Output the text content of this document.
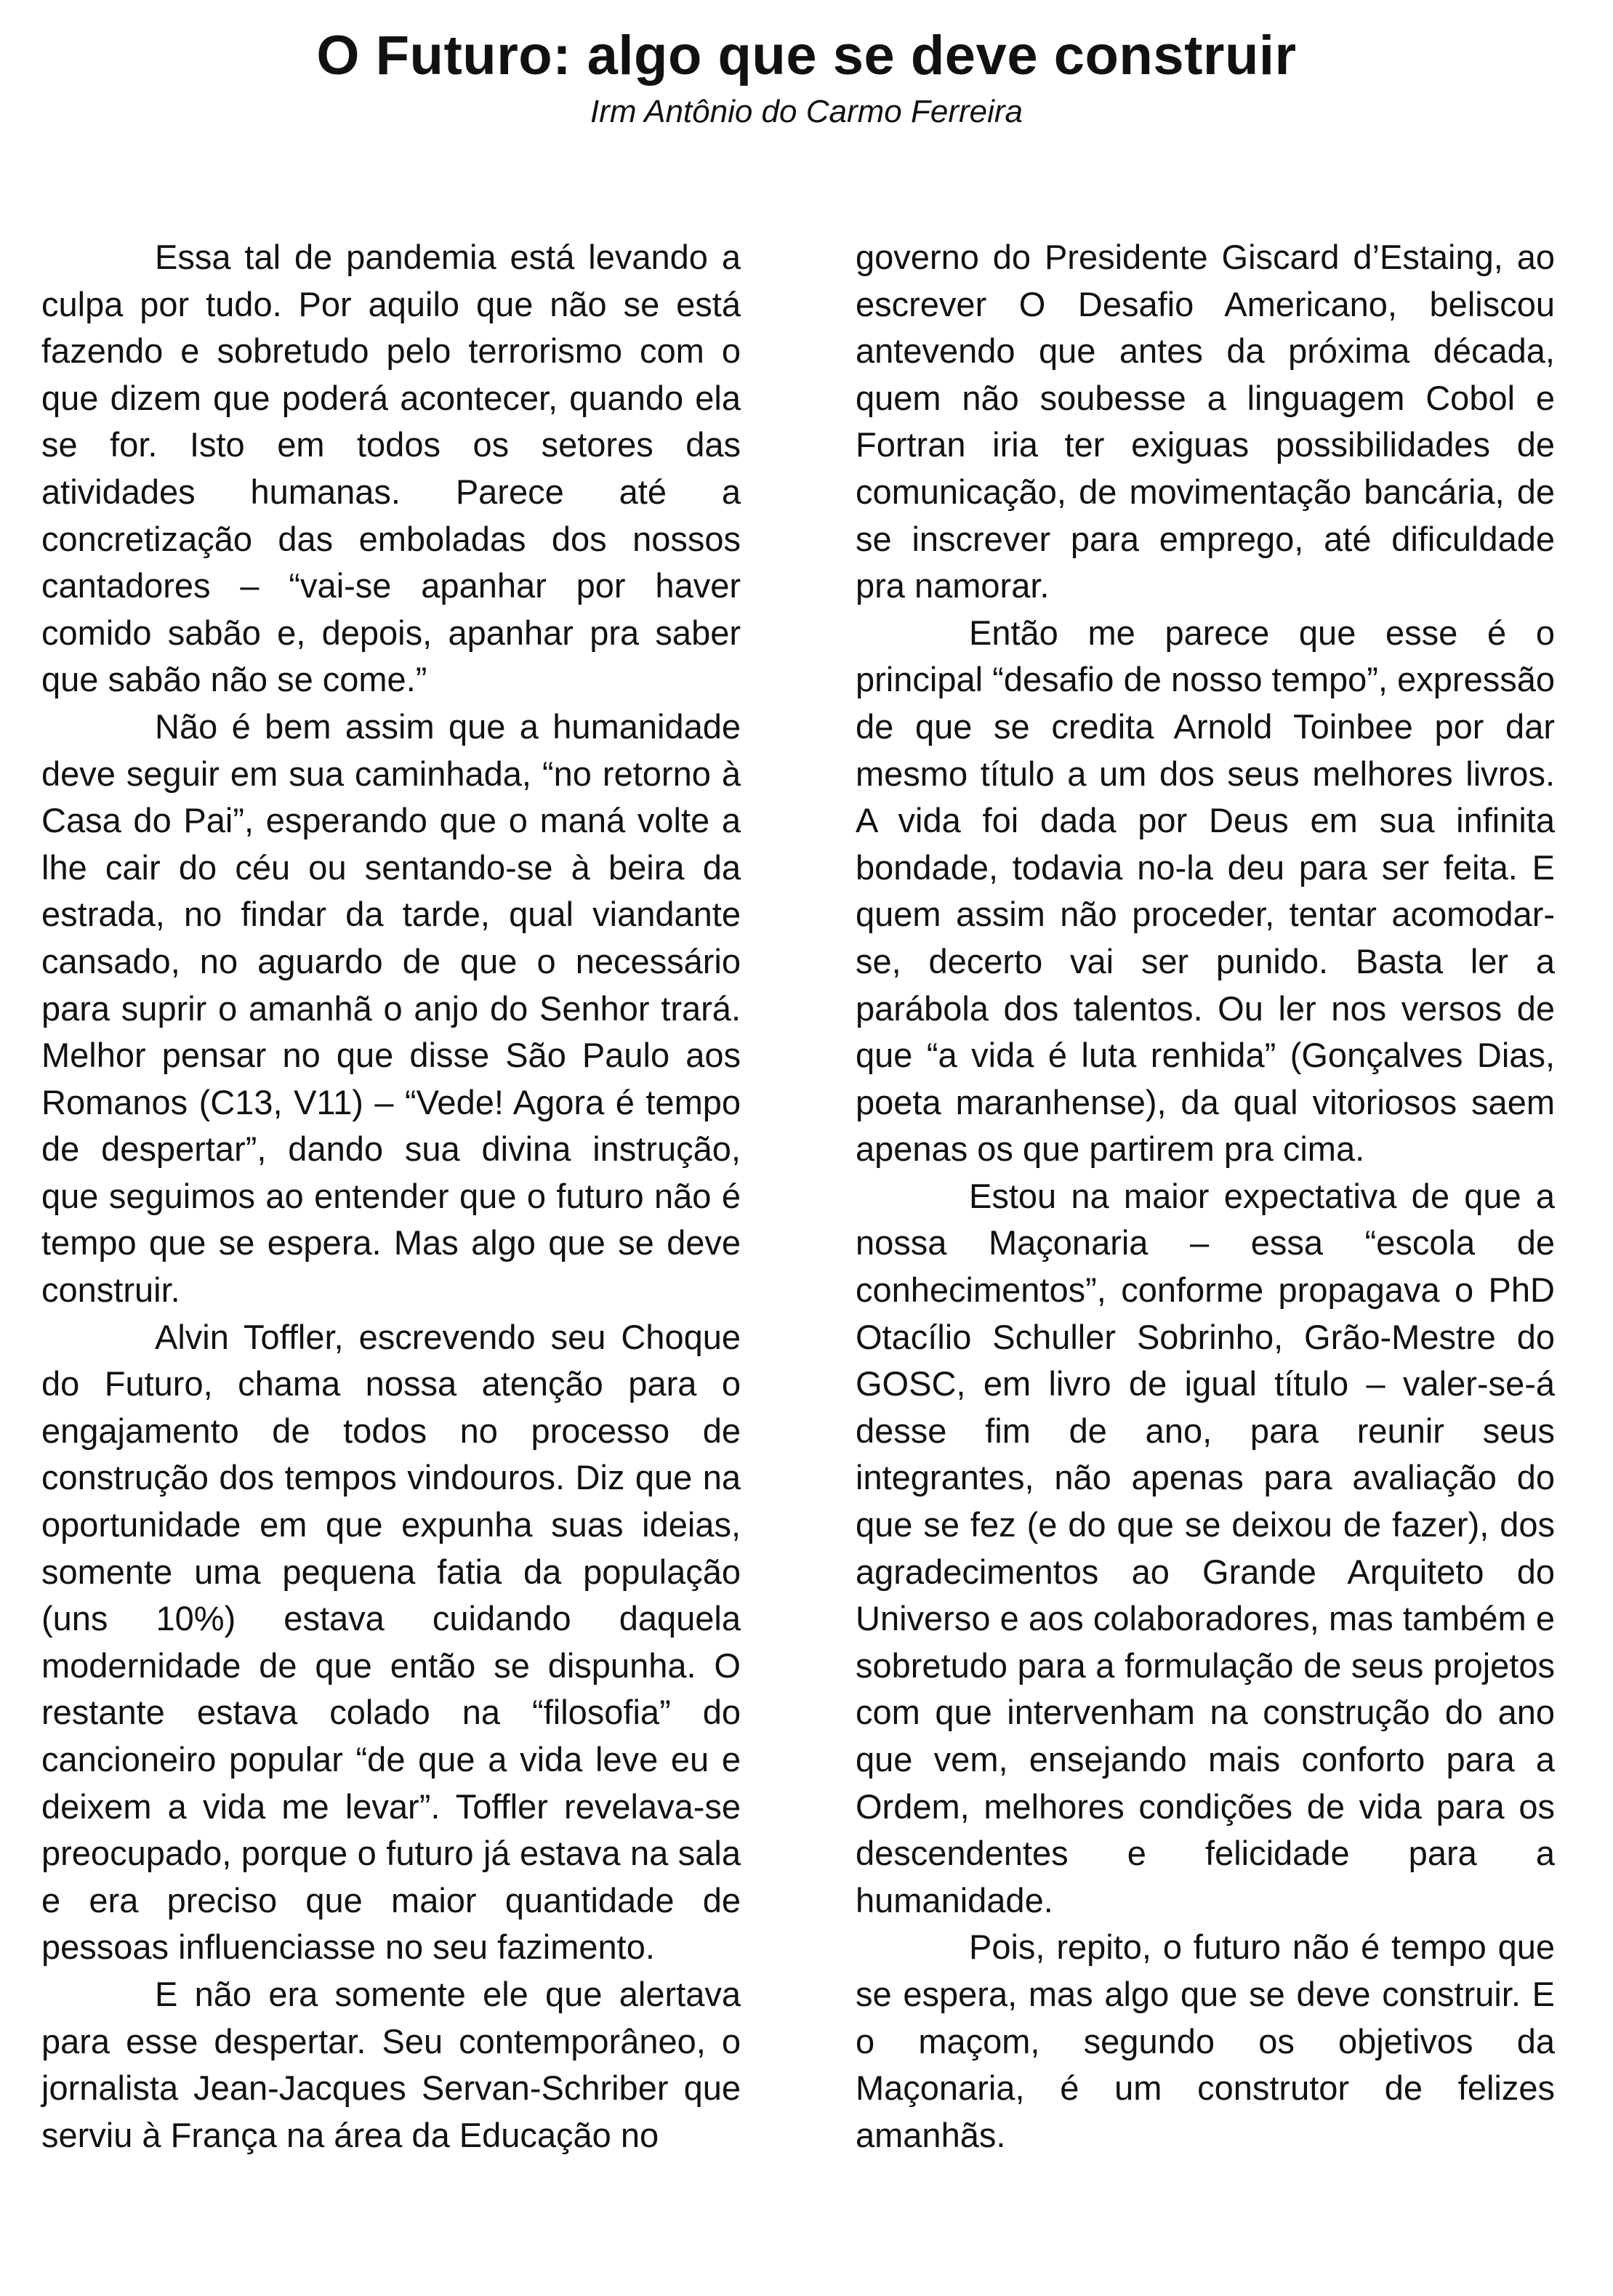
O Futuro: algo que se deve construir
Irm Antônio do Carmo Ferreira

Essa tal de pandemia está levando a culpa por tudo. Por aquilo que não se está fazendo e sobretudo pelo terrorismo com o que dizem que poderá acontecer, quando ela se for. Isto em todos os setores das atividades humanas. Parece até a concretização das emboladas dos nossos cantadores – “vai-se apanhar por haver comido sabão e, depois, apanhar pra saber que sabão não se come.”

Não é bem assim que a humanidade deve seguir em sua caminhada, “no retorno à Casa do Pai”, esperando que o maná volte a lhe cair do céu ou sentando-se à beira da estrada, no findar da tarde, qual viandante cansado, no aguardo de que o necessário para suprir o amanhã o anjo do Senhor trará. Melhor pensar no que disse São Paulo aos Romanos (C13, V11) – “Vede! Agora é tempo de despertar”, dando sua divina instrução, que seguimos ao entender que o futuro não é tempo que se espera. Mas algo que se deve construir.

Alvin Toffler, escrevendo seu Choque do Futuro, chama nossa atenção para o engajamento de todos no processo de construção dos tempos vindouros. Diz que na oportunidade em que expunha suas ideias, somente uma pequena fatia da população (uns 10%) estava cuidando daquela modernidade de que então se dispunha. O restante estava colado na “filosofia” do cancioneiro popular “de que a vida leve eu e deixem a vida me levar”. Toffler revelava-se preocupado, porque o futuro já estava na sala e era preciso que maior quantidade de pessoas influenciasse no seu fazimento.

E não era somente ele que alertava para esse despertar. Seu contemporâneo, o jornalista Jean-Jacques Servan-Schriber que serviu à França na área da Educação no

governo do Presidente Giscard d’Estaing, ao escrever O Desafio Americano, beliscou antevendo que antes da próxima década, quem não soubesse a linguagem Cobol e Fortran iria ter exiguas possibilidades de comunicação, de movimentação bancária, de se inscrever para emprego, até dificuldade pra namorar.

Então me parece que esse é o principal “desafio de nosso tempo”, expressão de que se credita Arnold Toinbee por dar mesmo título a um dos seus melhores livros. A vida foi dada por Deus em sua infinita bondade, todavia no-la deu para ser feita. E quem assim não proceder, tentar acomodar-se, decerto vai ser punido. Basta ler a parábola dos talentos. Ou ler nos versos de que “a vida é luta renhida” (Gonçalves Dias, poeta maranhense), da qual vitoriosos saem apenas os que partirem pra cima.

Estou na maior expectativa de que a nossa Maçonaria – essa “escola de conhecimentos”, conforme propagava o PhD Otacílio Schuller Sobrinho, Grão-Mestre do GOSC, em livro de igual título – valer-se-á desse fim de ano, para reunir seus integrantes, não apenas para avaliação do que se fez (e do que se deixou de fazer), dos agradecimentos ao Grande Arquiteto do Universo e aos colaboradores, mas também e sobretudo para a formulação de seus projetos com que intervenham na construção do ano que vem, ensejando mais conforto para a Ordem, melhores condições de vida para os descendentes e felicidade para a humanidade.

Pois, repito, o futuro não é tempo que se espera, mas algo que se deve construir. E o maçom, segundo os objetivos da Maçonaria, é um construtor de felizes amanhãs.
